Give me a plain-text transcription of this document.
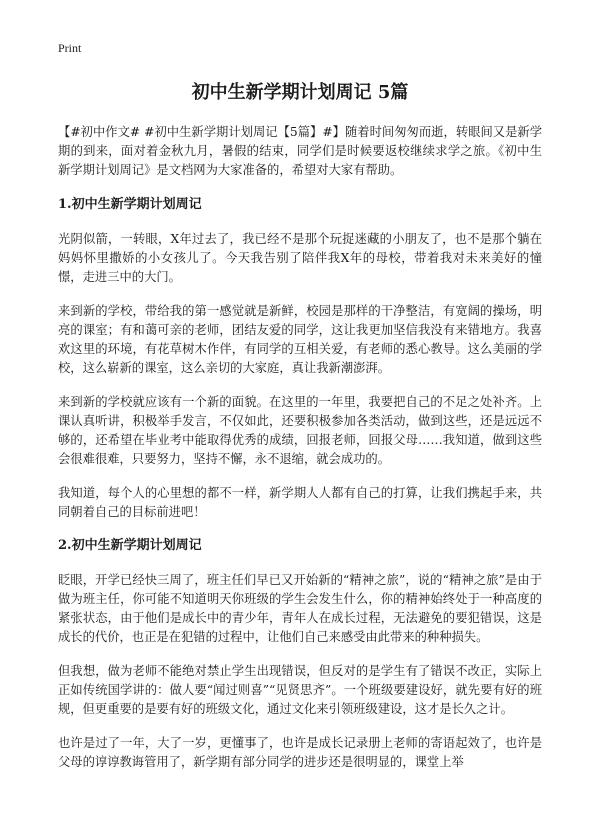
Print
初中生新学期计划周记 5篇

【#初中作文# #初中生新学期计划周记【5篇】#】随着时间匆匆而逝，转眼间又是新学期的到来，面对着金秋九月，暑假的结束，同学们是时候要返校继续求学之旅。《初中生新学期计划周记》是文档网为大家准备的，希望对大家有帮助。

1.初中生新学期计划周记

光阴似箭，一转眼，X年过去了，我已经不是那个玩捉迷藏的小朋友了，也不是那个躺在妈妈怀里撒娇的小女孩儿了。今天我告别了陪伴我X年的母校，带着我对未来美好的憧憬，走进三中的大门。

来到新的学校，带给我的第一感觉就是新鲜，校园是那样的干净整洁，有宽阔的操场，明亮的课室；有和蔼可亲的老师，团结友爱的同学，这让我更加坚信我没有来错地方。我喜欢这里的环境，有花草树木作伴，有同学的互相关爱，有老师的悉心教导。这么美丽的学校，这么崭新的课室，这么亲切的大家庭，真让我新潮澎湃。

来到新的学校就应该有一个新的面貌。在这里的一年里，我要把自己的不足之处补齐。上课认真听讲，积极举手发言，不仅如此，还要积极参加各类活动，做到这些，还是远远不够的，还希望在毕业考中能取得优秀的成绩，回报老师，回报父母……我知道，做到这些会很难很难，只要努力，坚持不懈，永不退缩，就会成功的。

我知道，每个人的心里想的都不一样，新学期人人都有自己的打算，让我们携起手来，共同朝着自己的目标前进吧！

2.初中生新学期计划周记

眨眼，开学已经快三周了，班主任们早已又开始新的“精神之旅”，说的“精神之旅”是由于做为班主任，你可能不知道明天你班级的学生会发生什么，你的精神始终处于一种高度的紧张状态，由于他们是成长中的青少年，青年人在成长过程，无法避免的要犯错误，这是成长的代价，也正是在犯错的过程中，让他们自己来感受由此带来的种种损失。

但我想，做为老师不能绝对禁止学生出现错误，但反对的是学生有了错误不改正，实际上正如传统国学讲的：做人要“闻过则喜”“见贤思齐”。一个班级要建设好，就先要有好的班规，但更重要的是要有好的班级文化，通过文化来引领班级建设，这才是长久之计。

也许是过了一年，大了一岁，更懂事了，也许是成长记录册上老师的寄语起效了，也许是父母的谆谆教诲管用了，新学期有部分同学的进步还是很明显的，课堂上举
